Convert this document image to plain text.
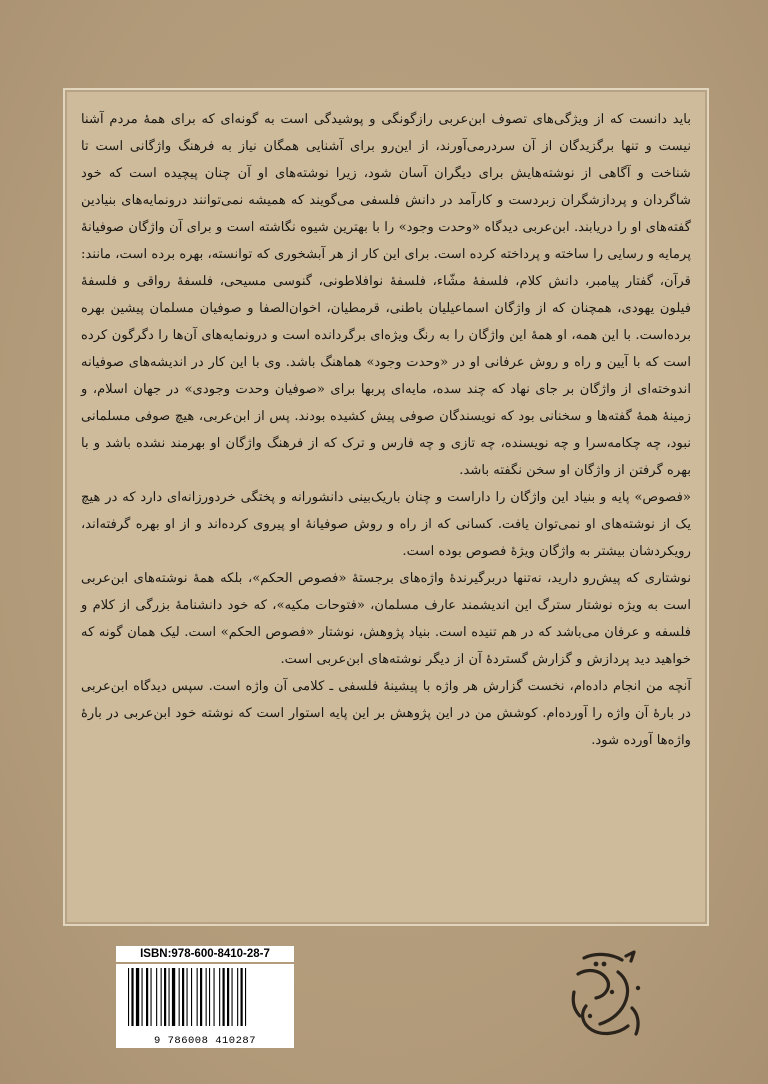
باید دانست که از ویژگی‌های تصوف ابن‌عربی رازگونگی و پوشیدگی است به گونه‌ای که برای همهٔ مردم آشنا نیست و تنها برگزیدگان از آن سردرمی‌آورند، از این‌رو برای آشنایی همگان نیاز به فرهنگ واژگانی است تا شناخت و آگاهی از نوشته‌هایش برای دیگران آسان شود، زیرا نوشته‌های او آن چنان پیچیده است که خود شاگردان و پردازشگران زبردست و کارآمد در دانش فلسفی می‌گویند که همیشه نمی‌توانند درونمایه‌های بنیادین گفته‌های او را دریابند. ابن‌عربی دیدگاه «وحدت وجود» را با بهترین شیوه نگاشته است و برای آن واژگان صوفیانهٔ پرمایه و رسایی را ساخته و پرداخته کرده است. برای این کار از هر آبشخوری که توانسته، بهره برده است، مانند: قرآن، گفتار پیامبر، دانش کلام، فلسفهٔ مشّاء، فلسفهٔ نوافلاطونی، گنوسی مسیحی، فلسفهٔ رواقی و فلسفهٔ فیلون یهودی، همچنان که از واژگان اسماعیلیان باطنی، قرمطیان، اخوان‌الصفا و صوفیان مسلمان پیشین بهره برده‌است. با این همه، او همهٔ این واژگان را به رنگ ویژه‌ای برگردانده است و درونمایه‌های آن‌ها را دگرگون کرده است که با آیین و راه و روش عرفانی او در «وحدت وجود» هماهنگ باشد. وی با این کار در اندیشه‌های صوفیانه اندوخته‌ای از واژگان بر جای نهاد که چند سده، مایه‌ای پربها برای «صوفیان وحدت وجودی» در جهان اسلام، و زمینهٔ همهٔ گفته‌ها و سخنانی بود که نویسندگان صوفی پیش کشیده بودند. پس از ابن‌عربی، هیچ صوفی مسلمانی نبود، چه چکامه‌سرا و چه نویسنده، چه تازی و چه فارس و ترک که از فرهنگ واژگان او بهرمند نشده باشد و با بهره گرفتن از واژگان او سخن نگفته باشد.

«فصوص» پایه و بنیاد این واژگان را داراست و چنان باریک‌بینی دانشورانه و پختگی خردورزانه‌ای دارد که در هیچ یک از نوشته‌های او نمی‌توان یافت. کسانی که از راه و روش صوفیانهٔ او پیروی کرده‌اند و از او بهره گرفته‌اند، رویکردشان بیشتر به واژگان ویژهٔ فصوص بوده است.

نوشتاری که پیش‌رو دارید، نه‌تنها دربرگیرندهٔ واژه‌های برجستهٔ «فصوص الحکم»، بلکه همهٔ نوشته‌های ابن‌عربی است به ویژه نوشتار سترگ این اندیشمند عارف مسلمان، «فتوحات مکیه»، که خود دانشنامهٔ بزرگی از کلام و فلسفه و عرفان می‌باشد که در هم تنیده است. بنیاد پژوهش، نوشتار «فصوص الحکم» است. لیک همان گونه که خواهید دید پردازش و گزارش گستردهٔ آن از دیگر نوشته‌های ابن‌عربی است.

آنچه من انجام داده‌ام، نخست گزارش هر واژه با پیشینهٔ فلسفی ـ کلامی آن واژه است. سپس دیدگاه ابن‌عربی در بارهٔ آن واژه را آورده‌ام. کوشش من در این پژوهش بر این پایه استوار است که نوشته خود ابن‌عربی در بارهٔ واژه‌ها آورده شود.

ISBN:978-600-8410-28-7
9 786008 410287
